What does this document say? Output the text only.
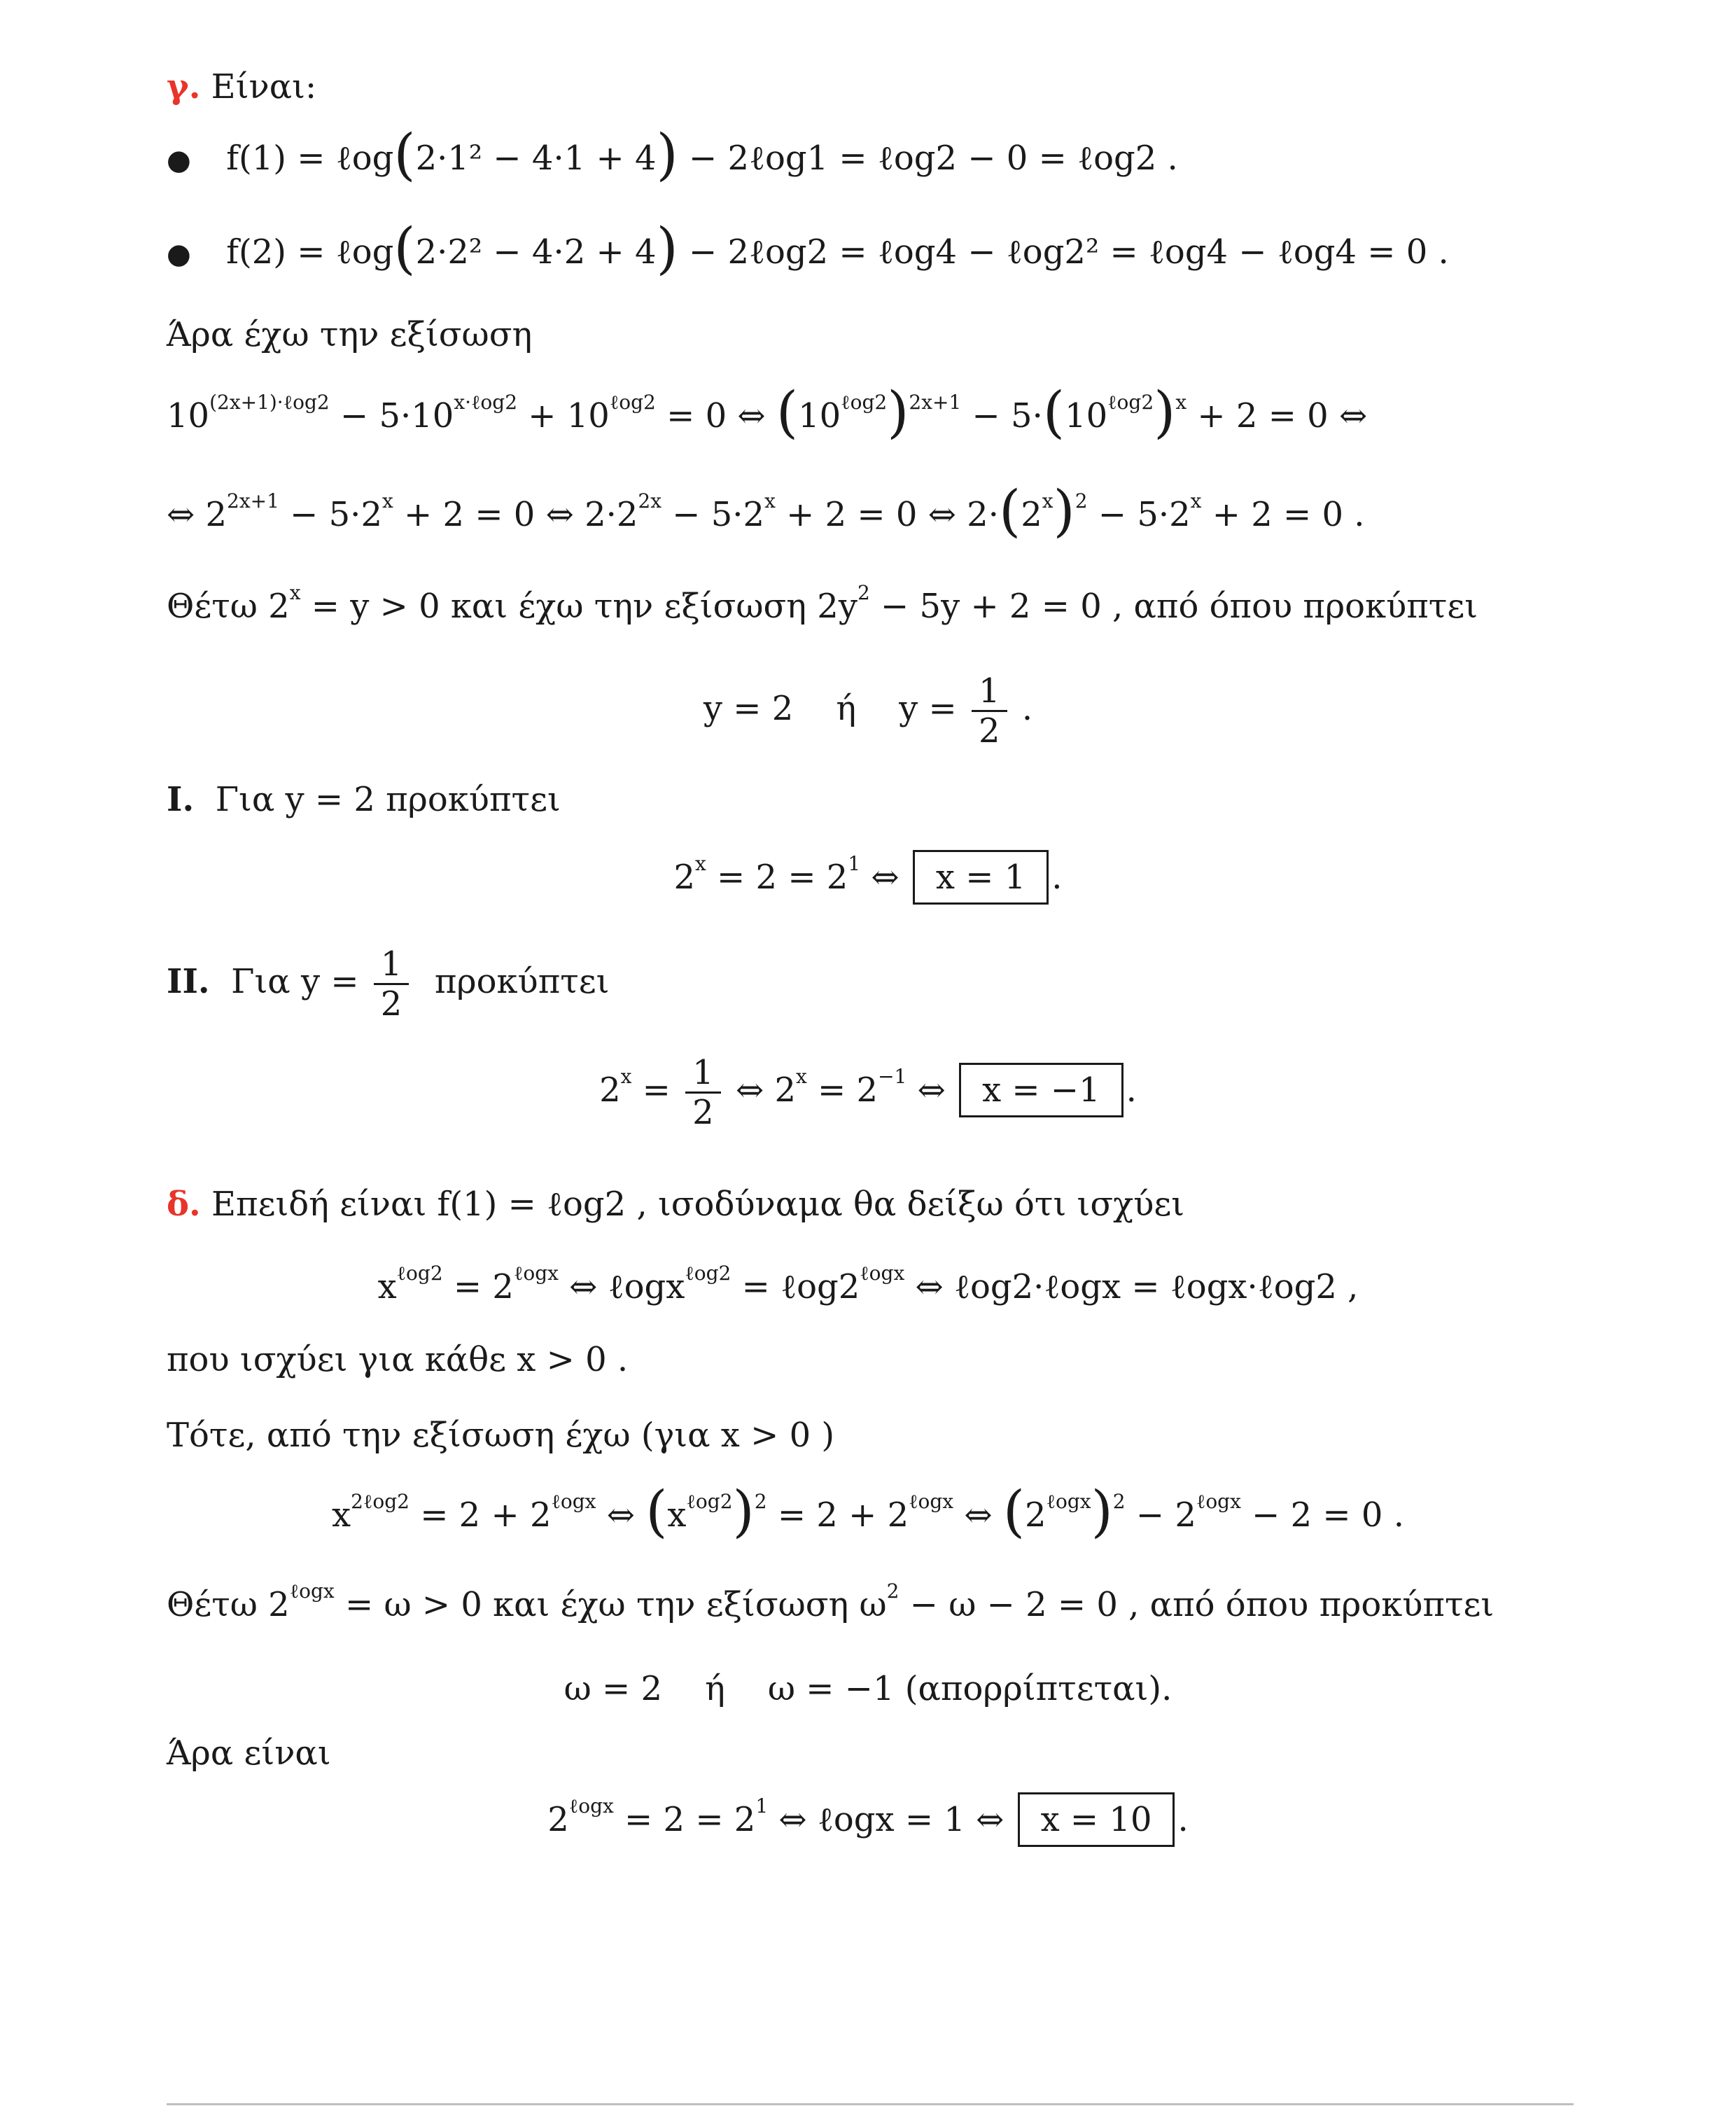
γ. Είναι:
● f(1) = ℓog(2·1² − 4·1 + 4) − 2ℓog1 = ℓog2 − 0 = ℓog2 .
● f(2) = ℓog(2·2² − 4·2 + 4) − 2ℓog2 = ℓog4 − ℓog2² = ℓog4 − ℓog4 = 0 .
Άρα έχω την εξίσωση
$10^{(2x+1)\cdot\ell og2} - 5\cdot 10^{x\cdot\ell og2} + 10^{\ell og2} = 0$ ⇔ $(10^{\ell og2})^{2x+1} - 5\cdot(10^{\ell og2})^x + 2 = 0$ ⇔
⇔ $2^{2x+1} - 5\cdot 2^x + 2 = 0$ ⇔ $2\cdot 2^{2x} - 5\cdot 2^x + 2 = 0$ ⇔ $2\cdot(2^x)^2 - 5\cdot 2^x + 2 = 0$ .
Θέτω $2^x = y > 0$ και έχω την εξίσωση $2y^2 - 5y + 2 = 0$ , από όπου προκύπτει
y = 2    ή    $y = \frac{1}{2}$ .
I. Για y = 2 προκύπτει
$2^x = 2 = 2^1$ ⇔ x = 1 .
II. Για $y = \frac{1}{2}$ προκύπτει
$2^x = \frac{1}{2}$ ⇔ $2^x = 2^{-1}$ ⇔ x = −1 .
δ. Επειδή είναι f(1) = ℓog2 , ισοδύναμα θα δείξω ότι ισχύει
$x^{\ell og2} = 2^{\ell ogx}$ ⇔ ℓogx$^{\ell og2}$ = $\ell og2^{\ell ogx}$ ⇔ ℓog2·ℓogx = ℓogx·ℓog2 ,
που ισχύει για κάθε x > 0 .
Τότε, από την εξίσωση έχω (για x > 0 )
$x^{2\ell og2} = 2 + 2^{\ell ogx}$ ⇔ $(x^{\ell og2})^2 = 2 + 2^{\ell ogx}$ ⇔ $(2^{\ell ogx})^2 - 2^{\ell ogx} - 2 = 0$ .
Θέτω $2^{\ell ogx} = \omega > 0$ και έχω την εξίσωση $\omega^2 - \omega - 2 = 0$ , από όπου προκύπτει
ω = 2    ή    ω = −1 (απορρίπτεται).
Άρα είναι
$2^{\ell ogx} = 2 = 2^1$ ⇔ ℓogx = 1 ⇔ x = 10 .
